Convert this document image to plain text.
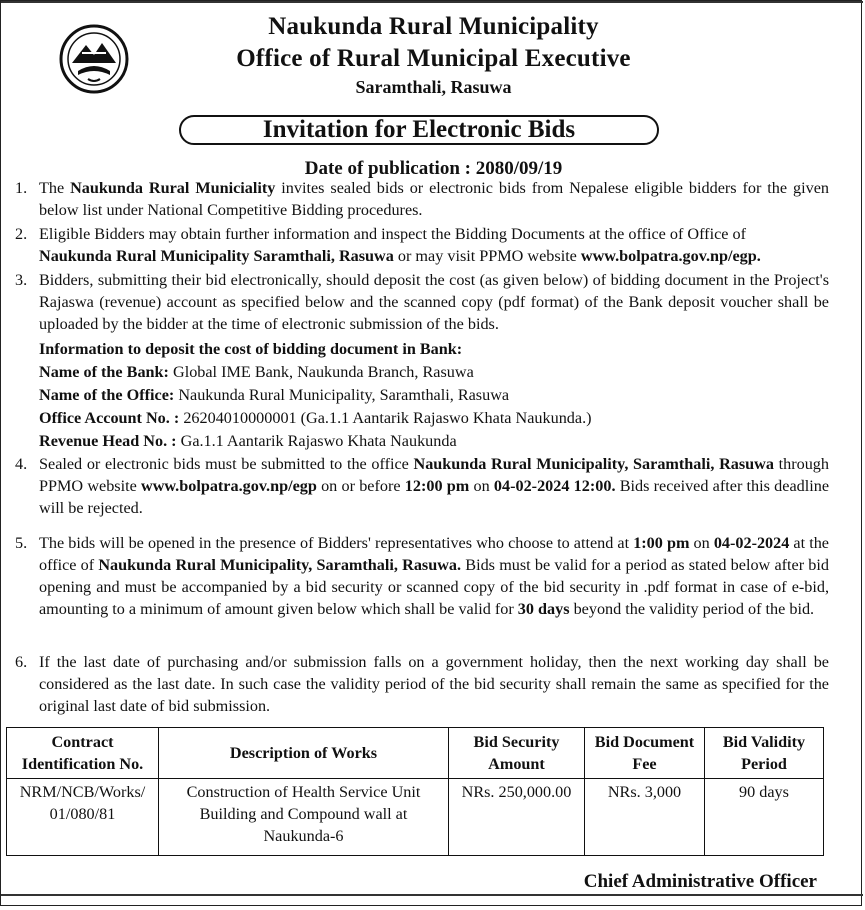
Naukunda Rural Municipality
Office of Rural Municipal Executive
Saramthali, Rasuwa
Invitation for Electronic Bids
Date of publication : 2080/09/19
1. The Naukunda Rural Municiality invites sealed bids or electronic bids from Nepalese eligible bidders for the given below list under National Competitive Bidding procedures.
2. Eligible Bidders may obtain further information and inspect the Bidding Documents at the office of Office of
Naukunda Rural Municipality Saramthali, Rasuwa or may visit PPMO website www.bolpatra.gov.np/egp.
3. Bidders, submitting their bid electronically, should deposit the cost (as given below) of bidding document in the Project's Rajaswa (revenue) account as specified below and the scanned copy (pdf format) of the Bank deposit voucher shall be uploaded by the bidder at the time of electronic submission of the bids.
Information to deposit the cost of bidding document in Bank:
Name of the Bank: Global IME Bank, Naukunda Branch, Rasuwa
Name of the Office: Naukunda Rural Municipality, Saramthali, Rasuwa
Office Account No. : 26204010000001 (Ga.1.1 Aantarik Rajaswo Khata Naukunda.)
Revenue Head No. : Ga.1.1 Aantarik Rajaswo Khata Naukunda
4. Sealed or electronic bids must be submitted to the office Naukunda Rural Municipality, Saramthali, Rasuwa through PPMO website www.bolpatra.gov.np/egp on or before 12:00 pm on 04-02-2024 12:00. Bids received after this deadline will be rejected.
5. The bids will be opened in the presence of Bidders' representatives who choose to attend at 1:00 pm on 04-02-2024 at the office of Naukunda Rural Municipality, Saramthali, Rasuwa. Bids must be valid for a period as stated below after bid opening and must be accompanied by a bid security or scanned copy of the bid security in .pdf format in case of e-bid, amounting to a minimum of amount given below which shall be valid for 30 days beyond the validity period of the bid.
6. If the last date of purchasing and/or submission falls on a government holiday, then the next working day shall be considered as the last date. In such case the validity period of the bid security shall remain the same as specified for the original last date of bid submission.
Contract Identification No.	Description of Works	Bid Security Amount	Bid Document Fee	Bid Validity Period
NRM/NCB/Works/ 01/080/81	Construction of Health Service Unit Building and Compound wall at Naukunda-6	NRs. 250,000.00	NRs. 3,000	90 days
Chief Administrative Officer
